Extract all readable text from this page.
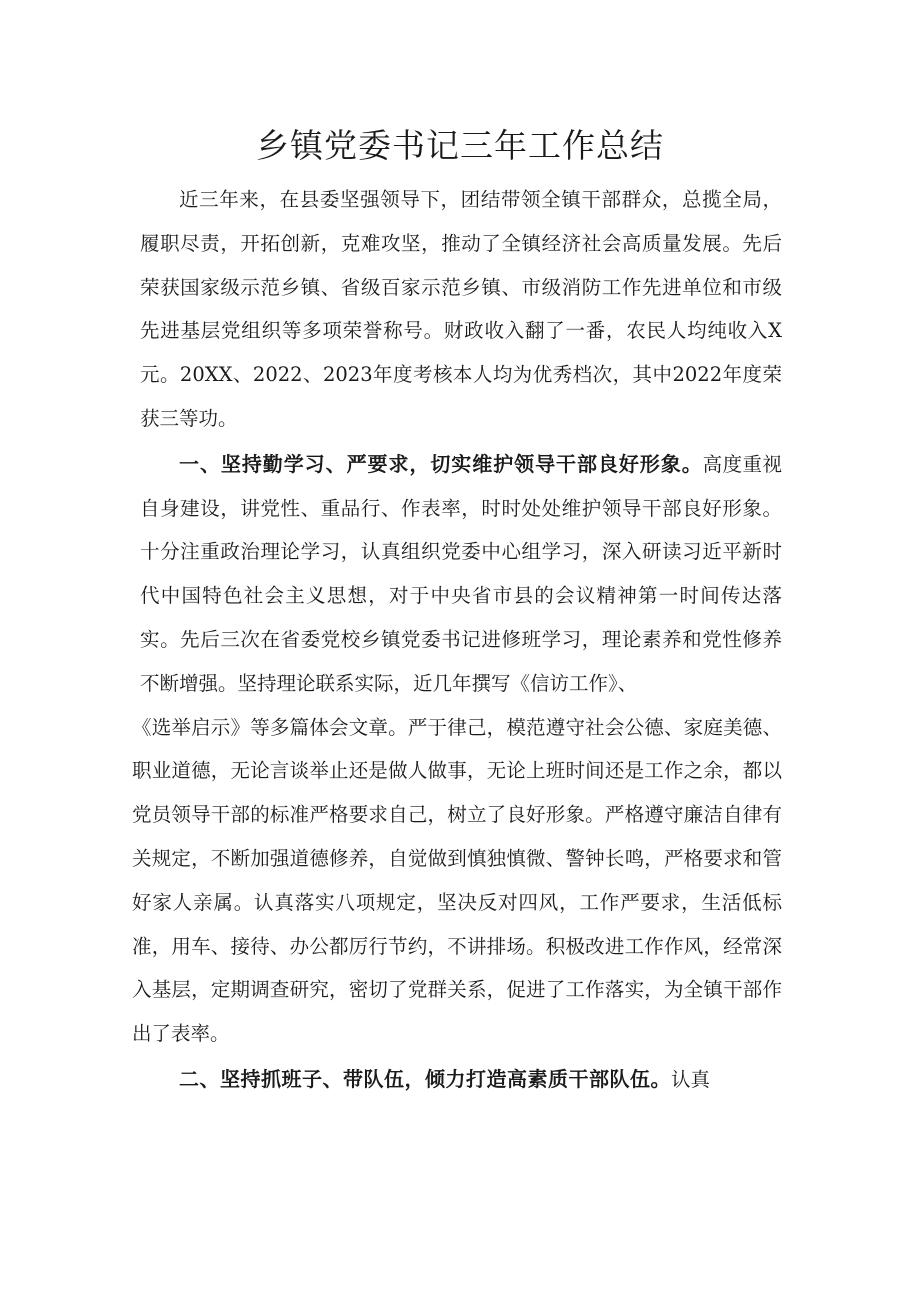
乡镇党委书记三年工作总结

近三年来，在县委坚强领导下，团结带领全镇干部群众，总揽全局，履职尽责，开拓创新，克难攻坚，推动了全镇经济社会高质量发展。先后荣获国家级示范乡镇、省级百家示范乡镇、市级消防工作先进单位和市级先进基层党组织等多项荣誉称号。财政收入翻了一番，农民人均纯收入X元。20XX、2022、2023年度考核本人均为优秀档次，其中2022年度荣获三等功。

一、坚持勤学习、严要求，切实维护领导干部良好形象。高度重视自身建设，讲党性、重品行、作表率，时时处处维护领导干部良好形象。十分注重政治理论学习，认真组织党委中心组学习，深入研读习近平新时代中国特色社会主义思想，对于中央省市县的会议精神第一时间传达落实。先后三次在省委党校乡镇党委书记进修班学习，理论素养和党性修养不断增强。坚持理论联系实际，近几年撰写《信访工作》、

《选举启示》等多篇体会文章。严于律己，模范遵守社会公德、家庭美德、职业道德，无论言谈举止还是做人做事，无论上班时间还是工作之余，都以党员领导干部的标准严格要求自己，树立了良好形象。严格遵守廉洁自律有关规定，不断加强道德修养，自觉做到慎独慎微、警钟长鸣，严格要求和管好家人亲属。认真落实八项规定，坚决反对四风，工作严要求，生活低标准，用车、接待、办公都厉行节约，不讲排场。积极改进工作作风，经常深入基层，定期调查研究，密切了党群关系，促进了工作落实，为全镇干部作出了表率。

二、坚持抓班子、带队伍，倾力打造高素质干部队伍。认真
